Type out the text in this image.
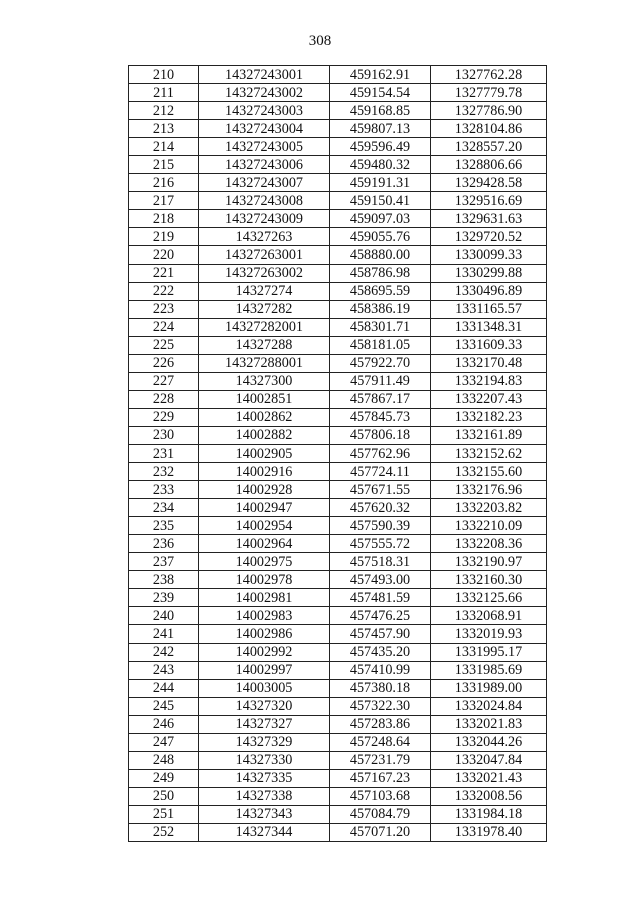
308
210	14327243001	459162.91	1327762.28
211	14327243002	459154.54	1327779.78
212	14327243003	459168.85	1327786.90
213	14327243004	459807.13	1328104.86
214	14327243005	459596.49	1328557.20
215	14327243006	459480.32	1328806.66
216	14327243007	459191.31	1329428.58
217	14327243008	459150.41	1329516.69
218	14327243009	459097.03	1329631.63
219	14327263	459055.76	1329720.52
220	14327263001	458880.00	1330099.33
221	14327263002	458786.98	1330299.88
222	14327274	458695.59	1330496.89
223	14327282	458386.19	1331165.57
224	14327282001	458301.71	1331348.31
225	14327288	458181.05	1331609.33
226	14327288001	457922.70	1332170.48
227	14327300	457911.49	1332194.83
228	14002851	457867.17	1332207.43
229	14002862	457845.73	1332182.23
230	14002882	457806.18	1332161.89
231	14002905	457762.96	1332152.62
232	14002916	457724.11	1332155.60
233	14002928	457671.55	1332176.96
234	14002947	457620.32	1332203.82
235	14002954	457590.39	1332210.09
236	14002964	457555.72	1332208.36
237	14002975	457518.31	1332190.97
238	14002978	457493.00	1332160.30
239	14002981	457481.59	1332125.66
240	14002983	457476.25	1332068.91
241	14002986	457457.90	1332019.93
242	14002992	457435.20	1331995.17
243	14002997	457410.99	1331985.69
244	14003005	457380.18	1331989.00
245	14327320	457322.30	1332024.84
246	14327327	457283.86	1332021.83
247	14327329	457248.64	1332044.26
248	14327330	457231.79	1332047.84
249	14327335	457167.23	1332021.43
250	14327338	457103.68	1332008.56
251	14327343	457084.79	1331984.18
252	14327344	457071.20	1331978.40
